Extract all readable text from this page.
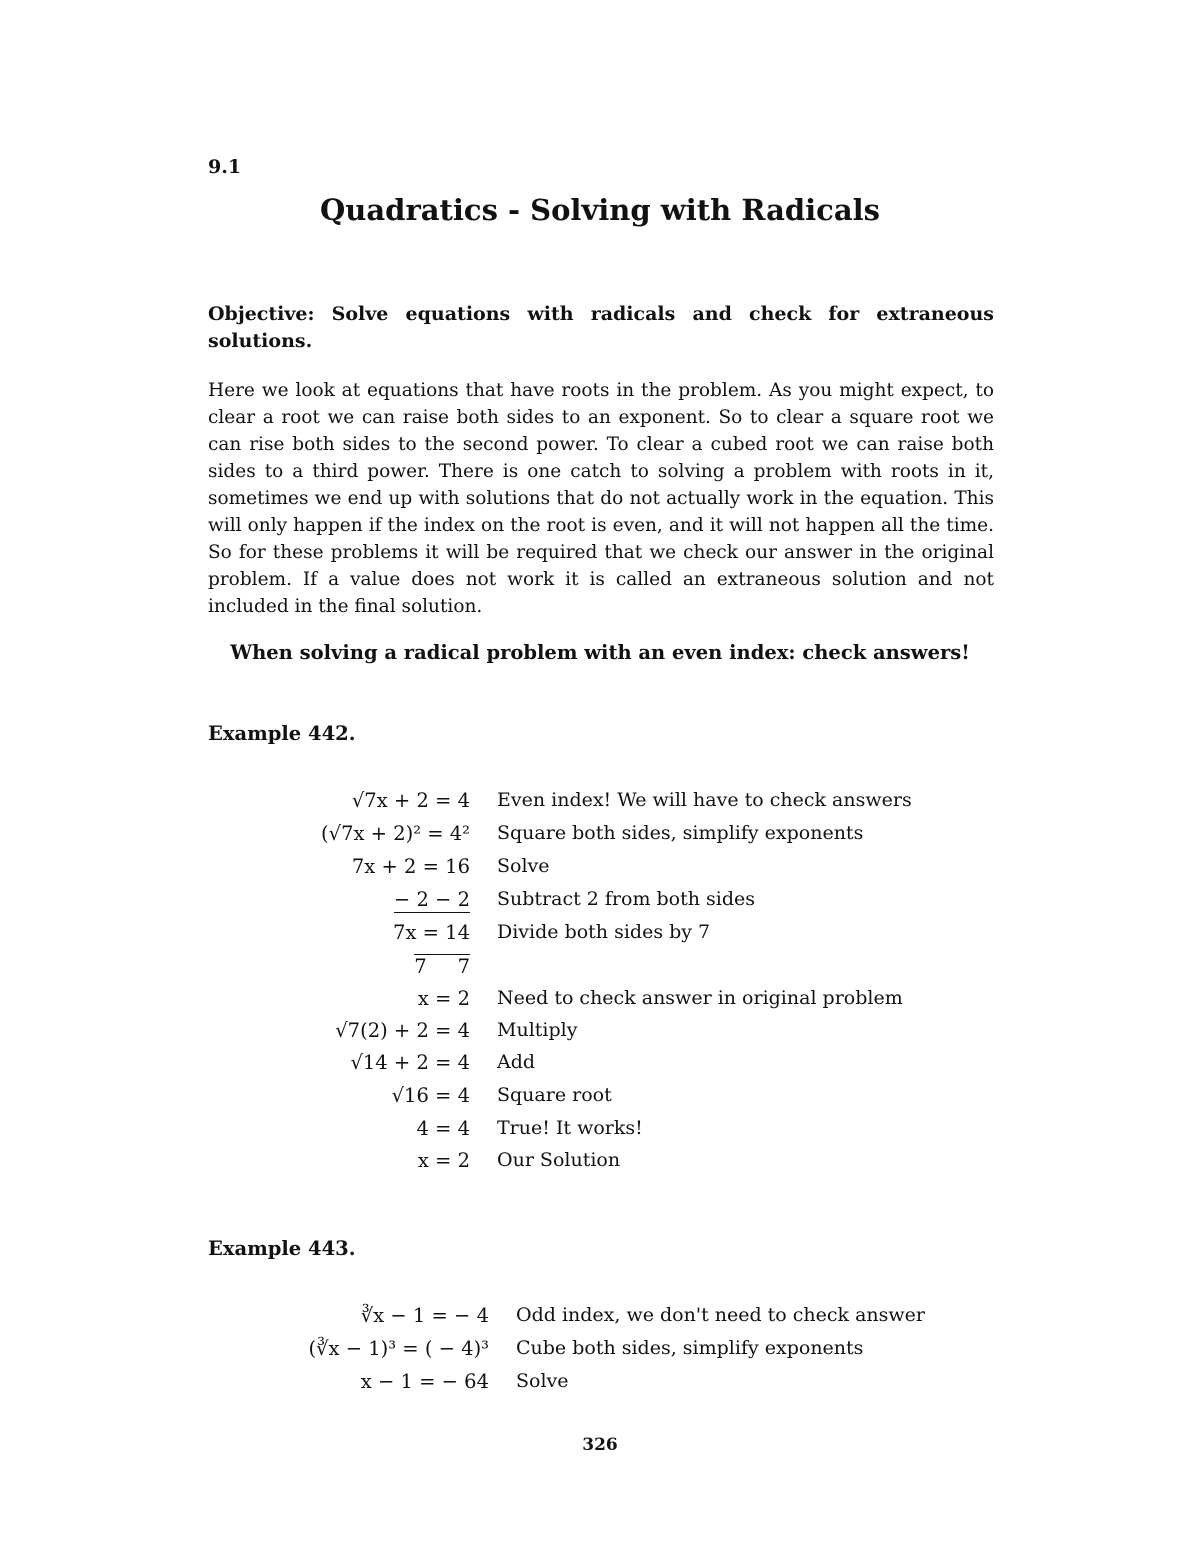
9.1
Quadratics - Solving with Radicals
Objective: Solve equations with radicals and check for extraneous solutions.
Here we look at equations that have roots in the problem. As you might expect, to clear a root we can raise both sides to an exponent. So to clear a square root we can rise both sides to the second power. To clear a cubed root we can raise both sides to a third power. There is one catch to solving a problem with roots in it, sometimes we end up with solutions that do not actually work in the equation. This will only happen if the index on the root is even, and it will not happen all the time. So for these problems it will be required that we check our answer in the original problem. If a value does not work it is called an extraneous solution and not included in the final solution.
When solving a radical problem with an even index: check answers!
Example 442.
√7x + 2 = 4 Even index! We will have to check answers
(√7x + 2)² = 4² Square both sides, simplify exponents
7x + 2 = 16 Solve
− 2 − 2 Subtract 2 from both sides
7x = 14 Divide both sides by 7
7     7
x = 2 Need to check answer in original problem
√7(2) + 2 = 4 Multiply
√14 + 2 = 4 Add
√16 = 4 Square root
4 = 4 True! It works!
x = 2 Our Solution
Example 443.
∛x − 1 = − 4 Odd index, we don't need to check answer
(∛x − 1)³ = ( − 4)³ Cube both sides, simplify exponents
x − 1 = − 64 Solve
326
